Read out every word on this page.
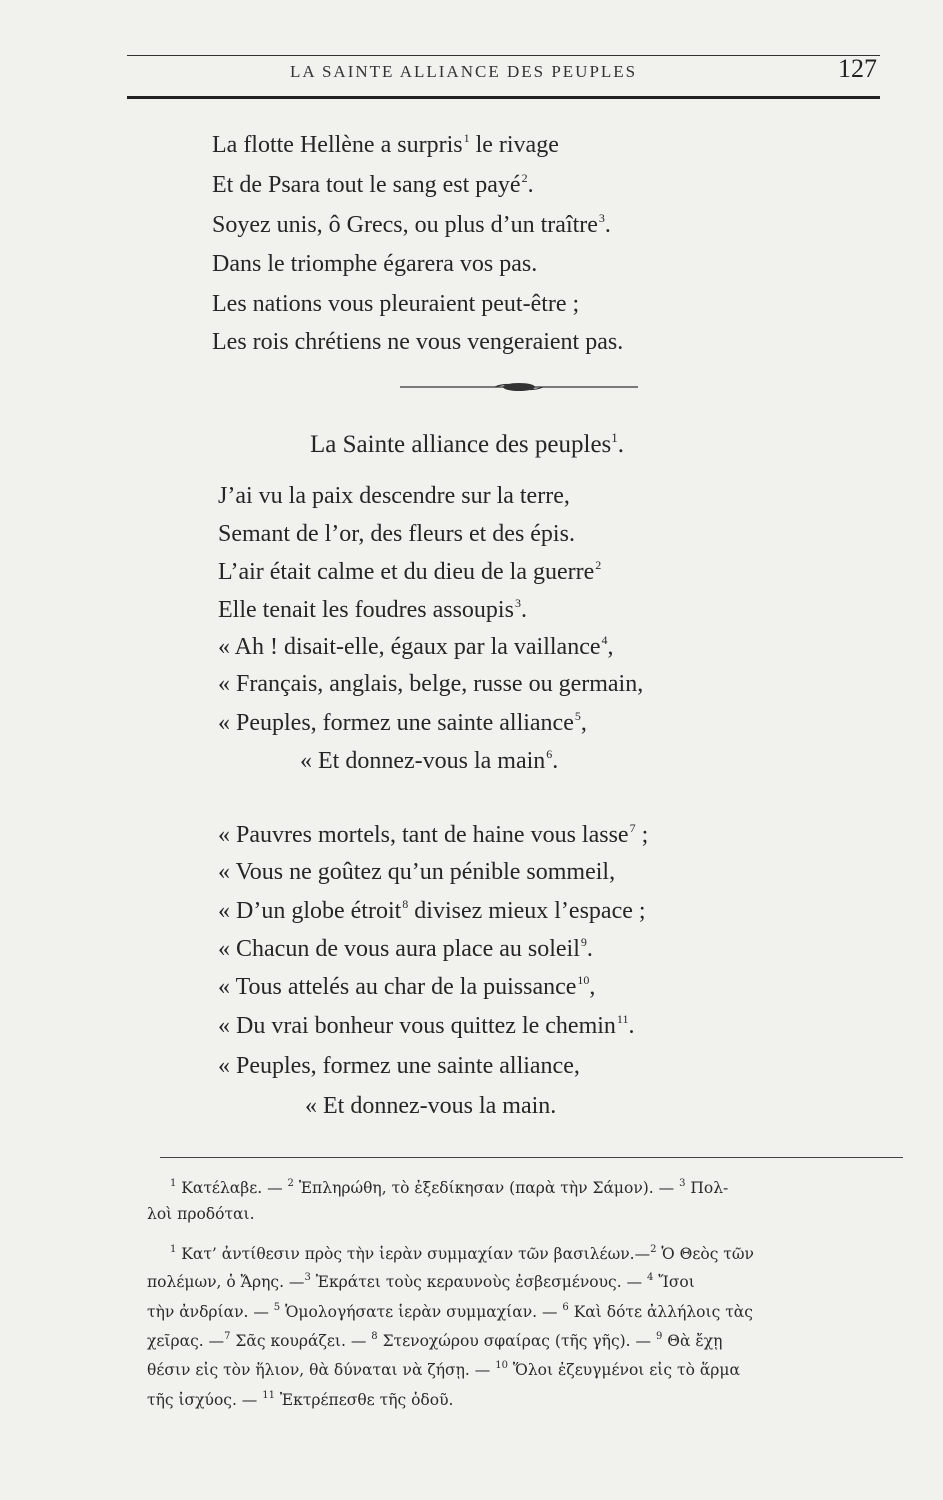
LA SAINTE ALLIANCE DES PEUPLES	127
La flotte Hellène a surpris$^1$ le rivage
Et de Psara tout le sang est payé$^2$.
Soyez unis, ô Grecs, ou plus d’un traître$^3$.
Dans le triomphe égarera vos pas.
Les nations vous pleuraient peut-être ;
Les rois chrétiens ne vous vengeraient pas.
La Sainte alliance des peuples$^1$.
J’ai vu la paix descendre sur la terre,
Semant de l’or, des fleurs et des épis.
L’air était calme et du dieu de la guerre$^2$
Elle tenait les foudres assoupis$^3$.
« Ah ! disait-elle, égaux par la vaillance$^4$,
« Français, anglais, belge, russe ou germain,
« Peuples, formez une sainte alliance$^5$,
« Et donnez-vous la main$^6$.
« Pauvres mortels, tant de haine vous lasse$^7$ ;
« Vous ne goûtez qu’un pénible sommeil,
« D’un globe étroit$^8$ divisez mieux l’espace ;
« Chacun de vous aura place au soleil$^9$.
« Tous attelés au char de la puissance$^{10}$,
« Du vrai bonheur vous quittez le chemin$^{11}$.
« Peuples, formez une sainte alliance,
« Et donnez-vous la main.
$^1$ Κατέλαβε. — $^2$ Ἐπληρώθη, τὸ ἐξεδίκησαν (παρὰ τὴν Σάμον). — $^3$ Πολ-
λοὶ προδόται.
$^1$ Κατ’ ἀντίθεσιν πρὸς τὴν ἱερὰν συμμαχίαν τῶν βασιλέων.—$^2$ Ὁ Θεὸς τῶν
πολέμων, ὁ Ἄρης. —$^3$ Ἐκράτει τοὺς κεραυνοὺς ἐσβεσμένους. — $^4$ Ἴσοι
τὴν ἀνδρίαν. — $^5$ Ὁμολογήσατε ἱερὰν συμμαχίαν. — $^6$ Καὶ δότε ἀλλήλοις τὰς
χεῖρας. —$^7$ Σᾶς κουράζει. — $^8$ Στενοχώρου σφαίρας (τῆς γῆς). — $^9$ Θὰ ἔχῃ
θέσιν εἰς τὸν ἥλιον, θὰ δύναται νὰ ζήσῃ. — $^{10}$ Ὅλοι ἐζευγμένοι εἰς τὸ ἅρμα
τῆς ἰσχύος. — $^{11}$ Ἐκτρέπεσθε τῆς ὁδοῦ.
